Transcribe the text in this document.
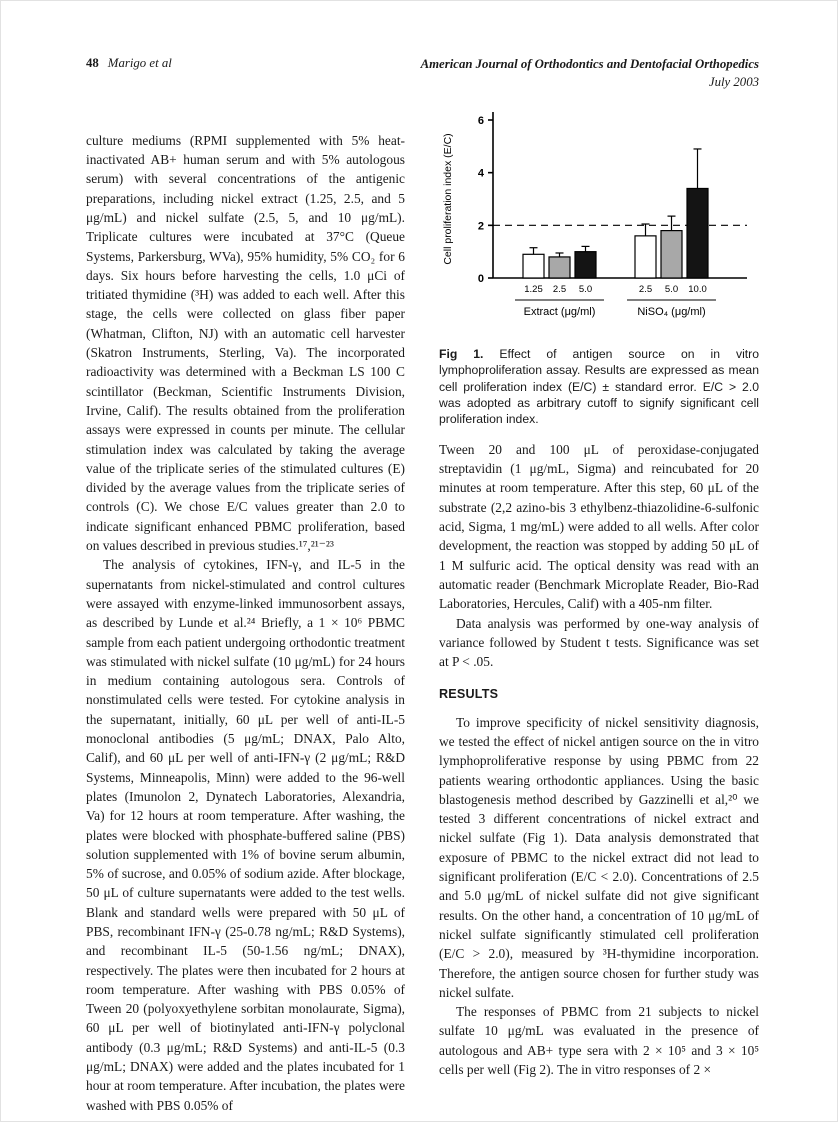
48 Marigo et al	American Journal of Orthodontics and Dentofacial Orthopedics
July 2003

culture mediums (RPMI supplemented with 5% heat-inactivated AB+ human serum and with 5% autologous serum) with several concentrations of the antigenic preparations, including nickel extract (1.25, 2.5, and 5 μg/mL) and nickel sulfate (2.5, 5, and 10 μg/mL). Triplicate cultures were incubated at 37°C (Queue Systems, Parkersburg, WVa), 95% humidity, 5% CO₂ for 6 days. Six hours before harvesting the cells, 1.0 μCi of tritiated thymidine (³H) was added to each well. After this stage, the cells were collected on glass fiber paper (Whatman, Clifton, NJ) with an automatic cell harvester (Skatron Instruments, Sterling, Va). The incorporated radioactivity was determined with a Beckman LS 100 C scintillator (Beckman, Scientific Instruments Division, Irvine, Calif). The results obtained from the proliferation assays were expressed in counts per minute. The cellular stimulation index was calculated by taking the average value of the triplicate series of the stimulated cultures (E) divided by the average values from the triplicate series of controls (C). We chose E/C values greater than 2.0 to indicate significant enhanced PBMC proliferation, based on values described in previous studies.¹⁷,²¹⁻²³

The analysis of cytokines, IFN-γ, and IL-5 in the supernatants from nickel-stimulated and control cultures were assayed with enzyme-linked immunosorbent assays, as described by Lunde et al.²⁴ Briefly, a 1 × 10⁶ PBMC sample from each patient undergoing orthodontic treatment was stimulated with nickel sulfate (10 μg/mL) for 24 hours in medium containing autologous sera. Controls of nonstimulated cells were tested. For cytokine analysis in the supernatant, initially, 60 μL per well of anti-IL-5 monoclonal antibodies (5 μg/mL; DNAX, Palo Alto, Calif), and 60 μL per well of anti-IFN-γ (2 μg/mL; R&D Systems, Minneapolis, Minn) were added to the 96-well plates (Imunolon 2, Dynatech Laboratories, Alexandria, Va) for 12 hours at room temperature. After washing, the plates were blocked with phosphate-buffered saline (PBS) solution supplemented with 1% of bovine serum albumin, 5% of sucrose, and 0.05% of sodium azide. After blockage, 50 μL of culture supernatants were added to the test wells. Blank and standard wells were prepared with 50 μL of PBS, recombinant IFN-γ (25-0.78 ng/mL; R&D Systems), and recombinant IL-5 (50-1.56 ng/mL; DNAX), respectively. The plates were then incubated for 2 hours at room temperature. After washing with PBS 0.05% of Tween 20 (polyoxyethylene sorbitan monolaurate, Sigma), 60 μL per well of biotinylated anti-IFN-γ polyclonal antibody (0.3 μg/mL; R&D Systems) and anti-IL-5 (0.3 μg/mL; DNAX) were added and the plates incubated for 1 hour at room temperature. After incubation, the plates were washed with PBS 0.05% of

0
2
4
6
Cell proliferation index (E/C)
1.25 2.5 5.0
Extract (μg/ml)
2.5 5.0 10.0
NiSO₄ (μg/ml)

Fig 1. Effect of antigen source on in vitro lymphoproliferation assay. Results are expressed as mean cell proliferation index (E/C) ± standard error. E/C > 2.0 was adopted as arbitrary cutoff to signify significant cell proliferation index.

Tween 20 and 100 μL of peroxidase-conjugated streptavidin (1 μg/mL, Sigma) and reincubated for 20 minutes at room temperature. After this step, 60 μL of the substrate (2,2 azino-bis 3 ethylbenz-thiazolidine-6-sulfonic acid, Sigma, 1 mg/mL) were added to all wells. After color development, the reaction was stopped by adding 50 μL of 1 M sulfuric acid. The optical density was read with an automatic reader (Benchmark Microplate Reader, Bio-Rad Laboratories, Hercules, Calif) with a 405-nm filter.

Data analysis was performed by one-way analysis of variance followed by Student t tests. Significance was set at P < .05.

RESULTS

To improve specificity of nickel sensitivity diagnosis, we tested the effect of nickel antigen source on the in vitro lymphoproliferative response by using PBMC from 22 patients wearing orthodontic appliances. Using the basic blastogenesis method described by Gazzinelli et al,²⁰ we tested 3 different concentrations of nickel extract and nickel sulfate (Fig 1). Data analysis demonstrated that exposure of PBMC to the nickel extract did not lead to significant proliferation (E/C < 2.0). Concentrations of 2.5 and 5.0 μg/mL of nickel sulfate did not give significant results. On the other hand, a concentration of 10 μg/mL of nickel sulfate significantly stimulated cell proliferation (E/C > 2.0), measured by ³H-thymidine incorporation. Therefore, the antigen source chosen for further study was nickel sulfate.

The responses of PBMC from 21 subjects to nickel sulfate 10 μg/mL was evaluated in the presence of autologous and AB+ type sera with 2 × 10⁵ and 3 × 10⁵ cells per well (Fig 2). The in vitro responses of 2 ×
